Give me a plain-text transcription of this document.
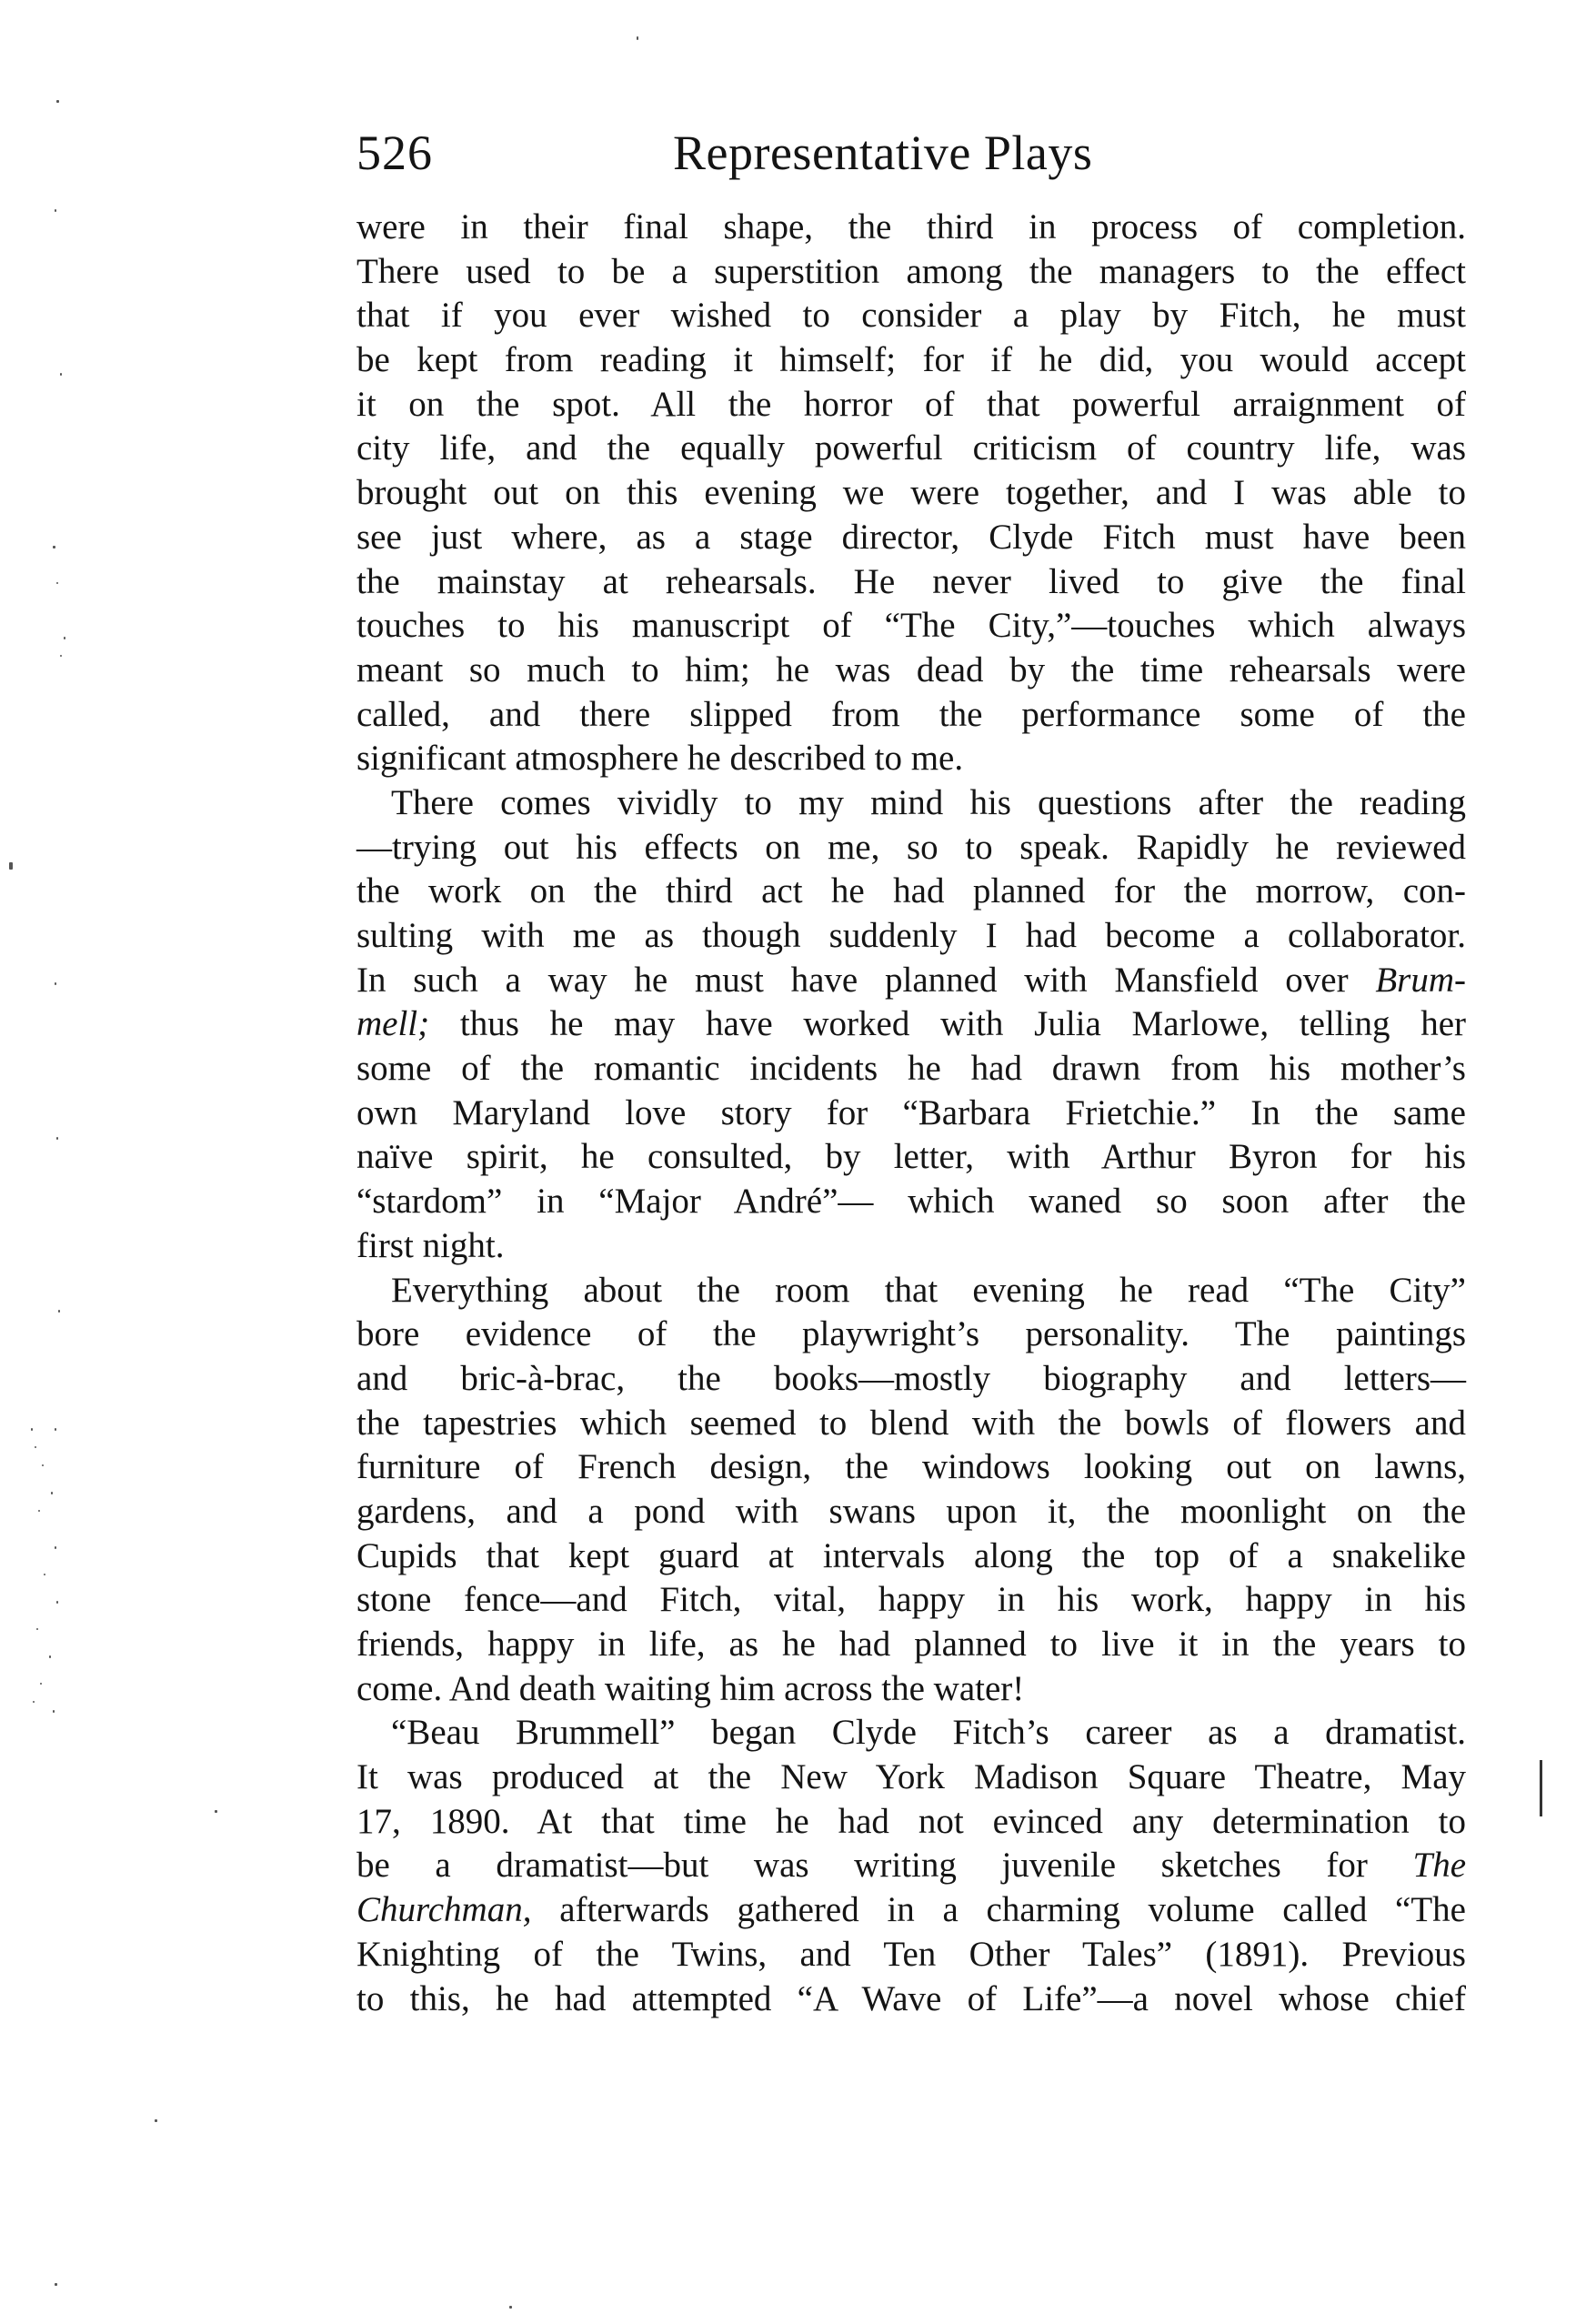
526	Representative Plays
were in their final shape, the third in process of completion.
There used to be a superstition among the managers to the effect
that if you ever wished to consider a play by Fitch, he must
be kept from reading it himself; for if he did, you would accept
it on the spot. All the horror of that powerful arraignment of
city life, and the equally powerful criticism of country life, was
brought out on this evening we were together, and I was able to
see just where, as a stage director, Clyde Fitch must have been
the mainstay at rehearsals. He never lived to give the final
touches to his manuscript of “The City,”—touches which always
meant so much to him; he was dead by the time rehearsals were
called, and there slipped from the performance some of the
significant atmosphere he described to me.
There comes vividly to my mind his questions after the reading
—trying out his effects on me, so to speak. Rapidly he reviewed
the work on the third act he had planned for the morrow, con-
sulting with me as though suddenly I had become a collaborator.
In such a way he must have planned with Mansfield over Brum-
mell; thus he may have worked with Julia Marlowe, telling her
some of the romantic incidents he had drawn from his mother’s
own Maryland love story for “Barbara Frietchie.” In the same
naïve spirit, he consulted, by letter, with Arthur Byron for his
“stardom” in “Major André”— which waned so soon after the
first night.
Everything about the room that evening he read “The City”
bore evidence of the playwright’s personality. The paintings
and bric-à-brac, the books—mostly biography and letters—
the tapestries which seemed to blend with the bowls of flowers and
furniture of French design, the windows looking out on lawns,
gardens, and a pond with swans upon it, the moonlight on the
Cupids that kept guard at intervals along the top of a snakelike
stone fence—and Fitch, vital, happy in his work, happy in his
friends, happy in life, as he had planned to live it in the years to
come. And death waiting him across the water!
“Beau Brummell” began Clyde Fitch’s career as a dramatist.
It was produced at the New York Madison Square Theatre, May
17, 1890. At that time he had not evinced any determination to
be a dramatist—but was writing juvenile sketches for The
Churchman, afterwards gathered in a charming volume called “The
Knighting of the Twins, and Ten Other Tales” (1891). Previous
to this, he had attempted “A Wave of Life”—a novel whose chief
